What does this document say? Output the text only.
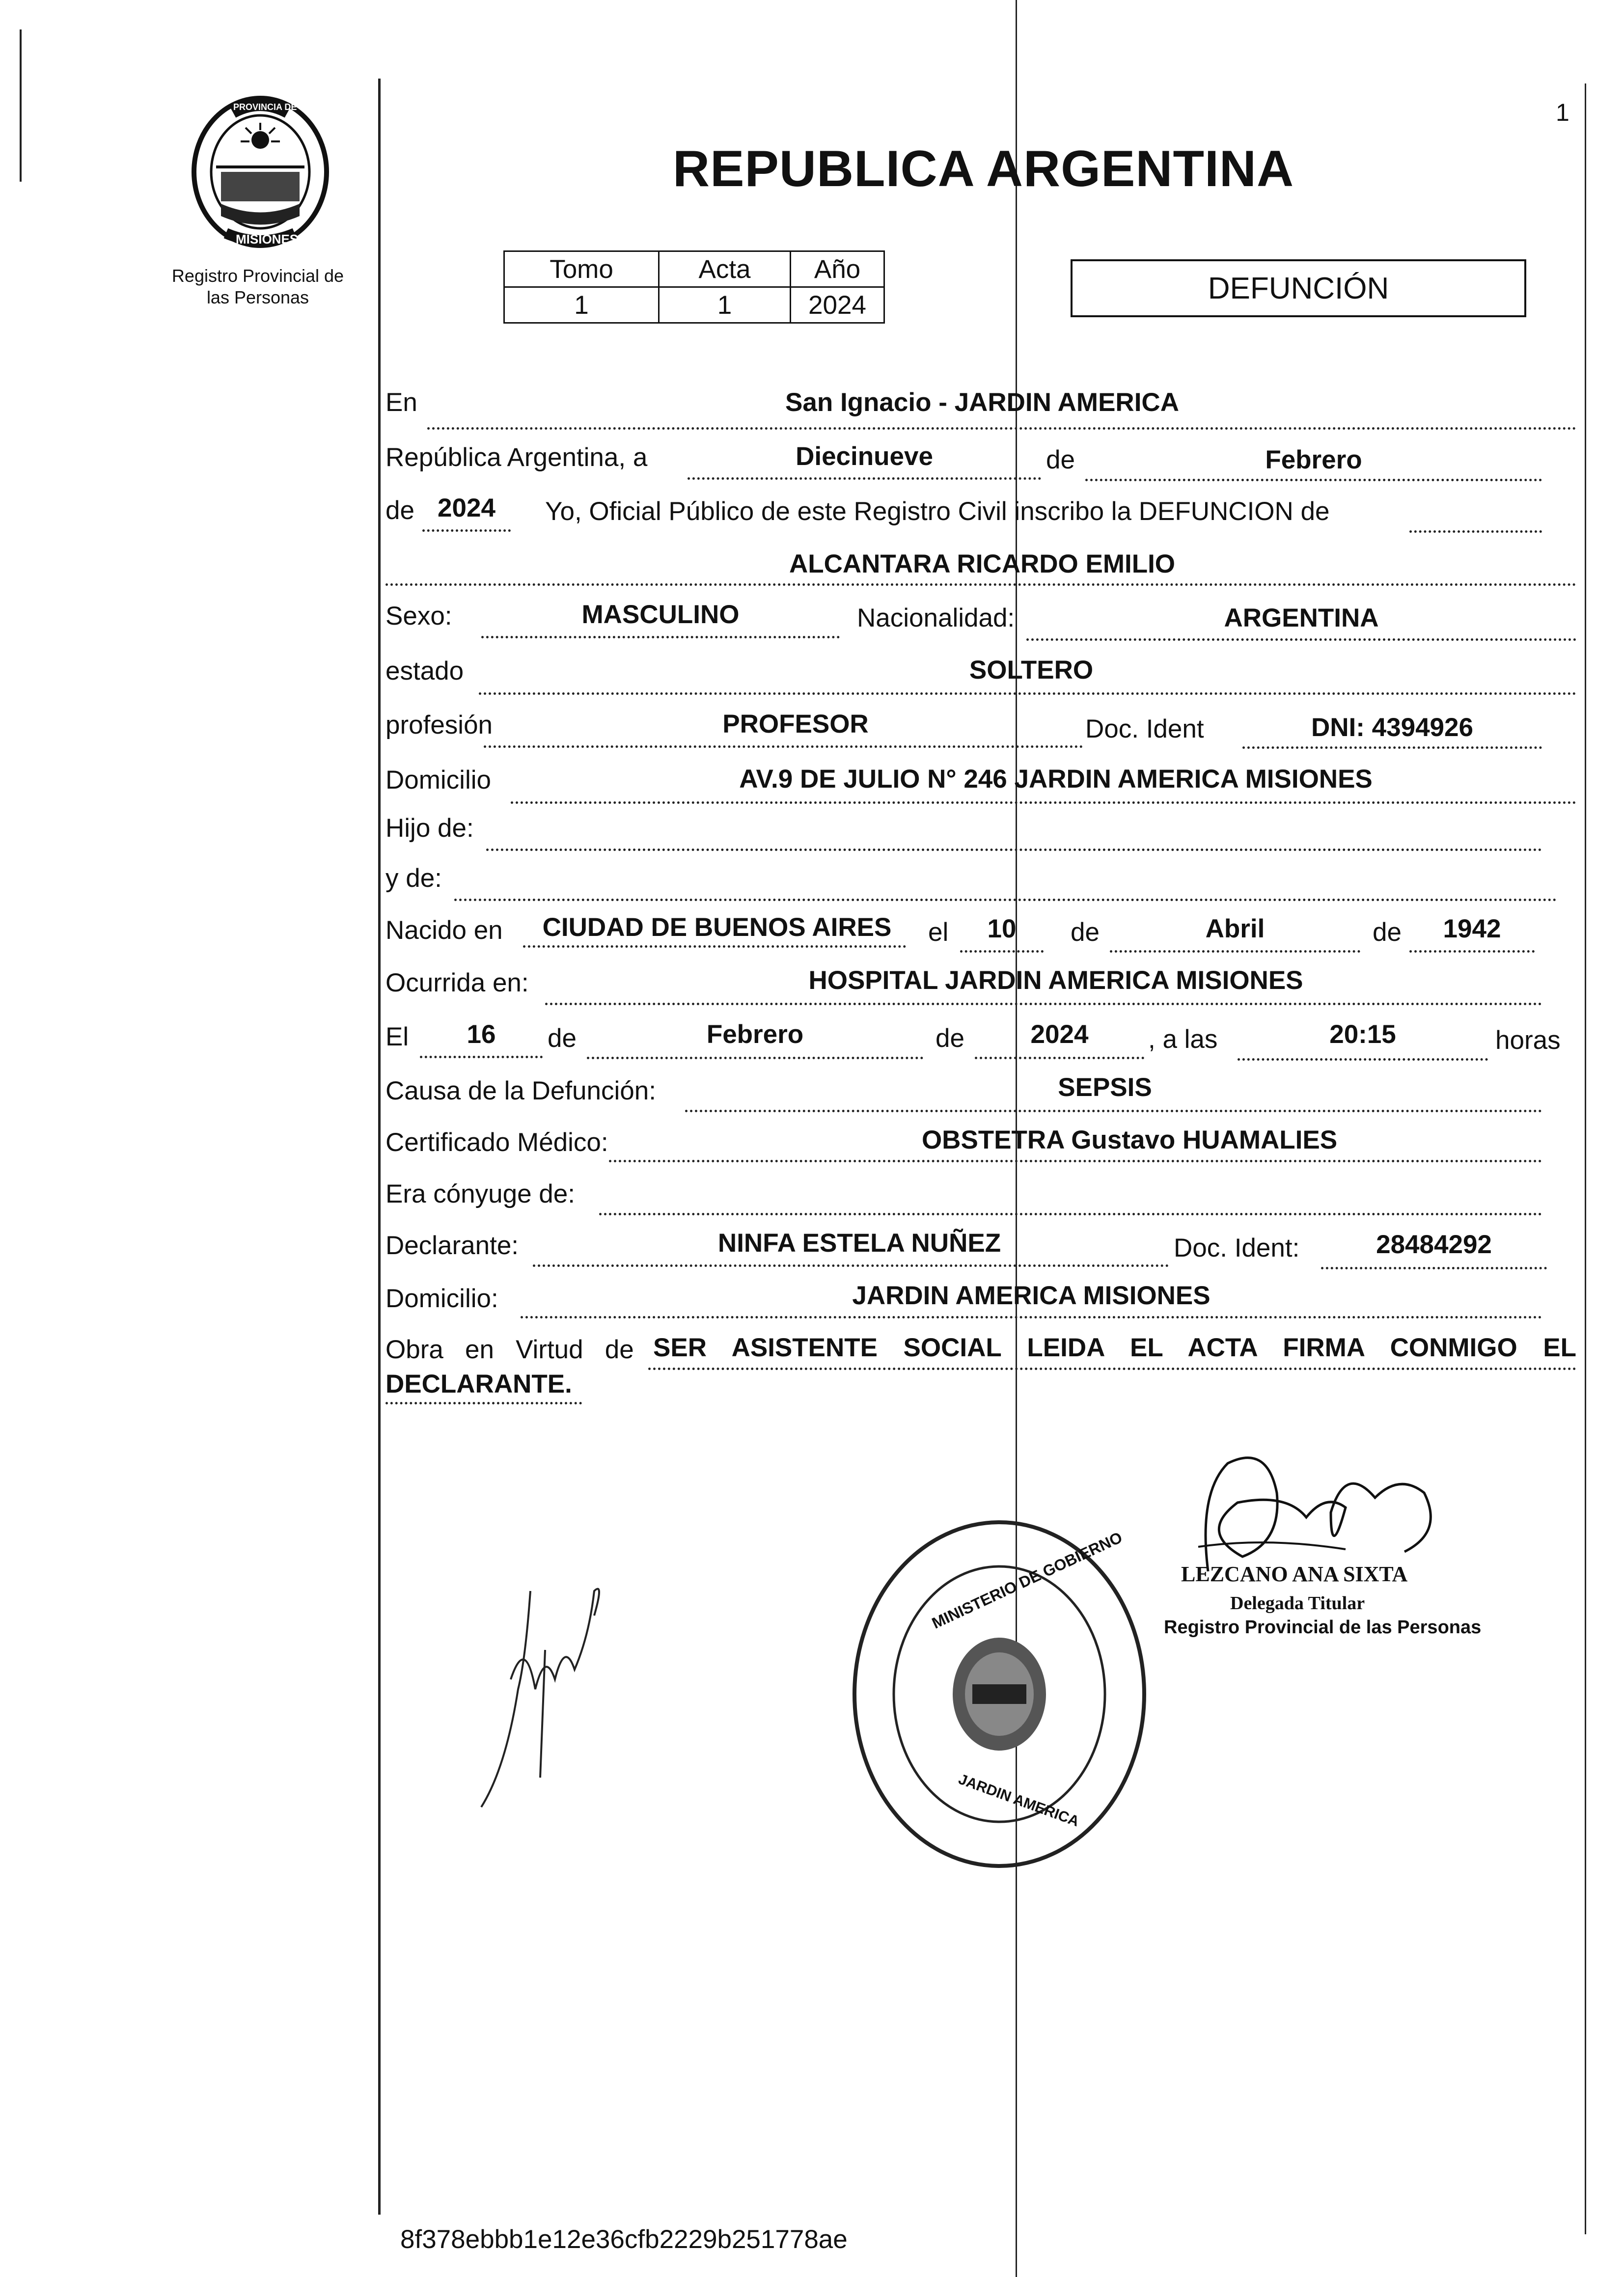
1
PROVINCIA DE
MISIONES
Registro Provincial de
las Personas
REPUBLICA ARGENTINA
Tomo	Acta	Año
1	1	2024	DEFUNCIÓN
En	San Ignacio - JARDIN AMERICA
República Argentina, a	Diecinueve	de	Febrero
de 2024	Yo, Oficial Público de este Registro Civil inscribo la DEFUNCION de
ALCANTARA RICARDO EMILIO
Sexo:	MASCULINO	Nacionalidad:	ARGENTINA
estado	SOLTERO
profesión	PROFESOR	Doc. Ident	DNI: 4394926
Domicilio	AV.9 DE JULIO N° 246 JARDIN AMERICA MISIONES
Hijo de:
y de:
Nacido en	CIUDAD DE BUENOS AIRES	el	10	de	Abril	de	1942
Ocurrida en:	HOSPITAL JARDIN AMERICA MISIONES
El	16	de	Febrero	de	2024	, a las	20:15	horas
Causa de la Defunción:	SEPSIS
Certificado Médico:	OBSTETRA Gustavo HUAMALIES
Era cónyuge de:
Declarante:	NINFA ESTELA NUÑEZ	Doc. Ident:	28484292
Domicilio:	JARDIN AMERICA MISIONES
Obra   en   Virtud   de SER ASISTENTE SOCIAL LEIDA EL ACTA FIRMA CONMIGO EL
DECLARANTE.
MINISTERIO DE GOBIERNO
JARDIN AMERICA
LEZCANO ANA SIXTA
Delegada Titular
Registro Provincial de las Personas
8f378ebbb1e12e36cfb2229b251778ae
